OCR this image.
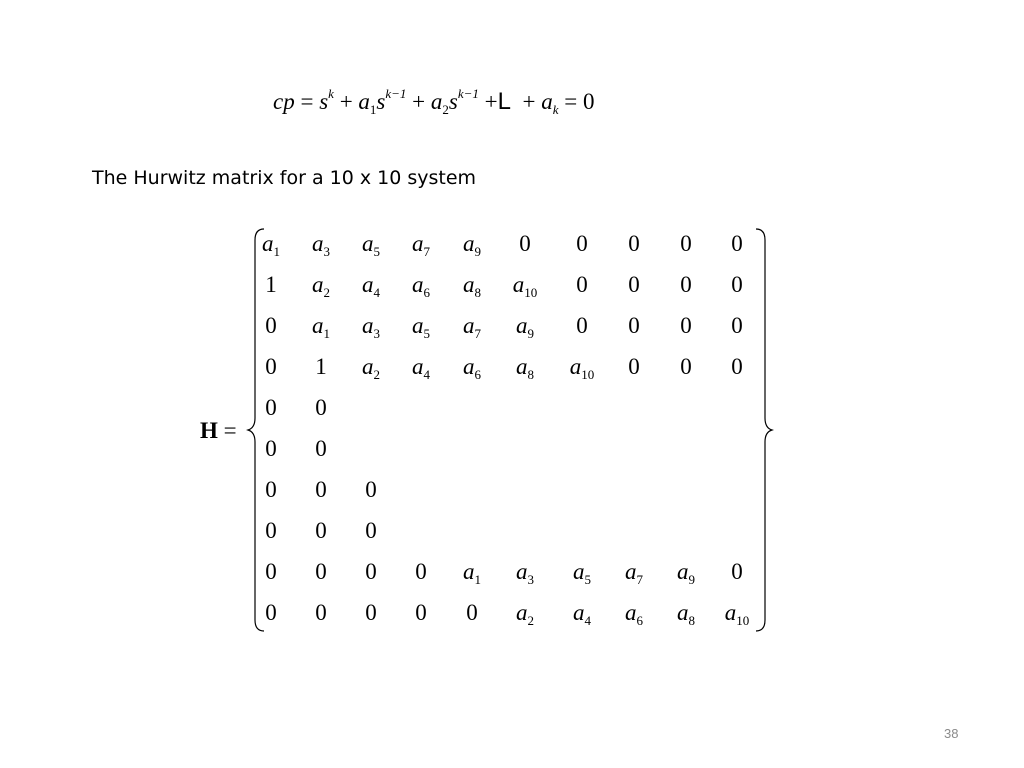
cp = $s^k + a_1s^{k-1} + a_2s^{k-1} +L + a_k = 0$
The Hurwitz matrix for a 10 x 10 system
H =
$a_1$	$a_3$	$a_5$	$a_7$	$a_9$	0	0	0	0	0
1	$a_2$	$a_4$	$a_6$	$a_8$	$a_{10}$	0	0	0	0
0	$a_1$	$a_3$	$a_5$	$a_7$	$a_9$	0	0	0	0
0	1	$a_2$	$a_4$	$a_6$	$a_8$	$a_{10}$	0	0	0
0	0
0	0
0	0	0
0	0	0
0	0	0	0	$a_1$	$a_3$	$a_5$	$a_7$	$a_9$	0
0	0	0	0	0	$a_2$	$a_4$	$a_6$	$a_8$	$a_{10}$
38
